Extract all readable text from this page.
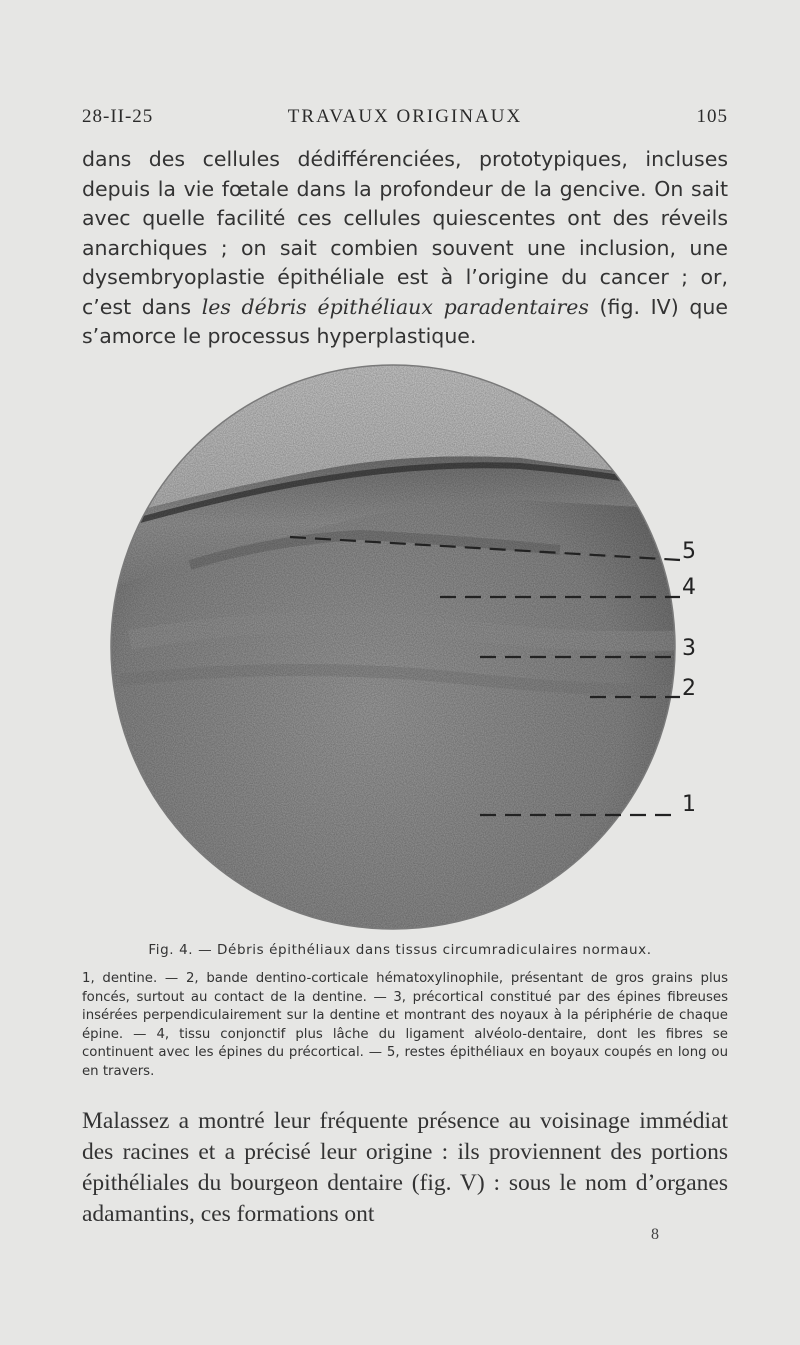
28-II-25	TRAVAUX ORIGINAUX	105
dans des cellules dédifférenciées, prototypiques, incluses depuis la vie fœtale dans la profondeur de la gencive. On sait avec quelle facilité ces cellules quiescentes ont des réveils anarchiques ; on sait combien souvent une inclusion, une dysembryoplastie épithéliale est à l’origine du cancer ; or, c’est dans les débris épithéliaux paradentaires (fig. IV) que s’amorce le processus hyperplastique.
5
4
3
2
1
Fig. 4. — Débris épithéliaux dans tissus circumradiculaires normaux.
1, dentine. — 2, bande dentino-corticale hématoxylinophile, présentant de gros grains plus foncés, surtout au contact de la dentine. — 3, précortical constitué par des épines fibreuses insérées perpendiculairement sur la dentine et montrant des noyaux à la périphérie de chaque épine. — 4, tissu conjonctif plus lâche du ligament alvéolo-dentaire, dont les fibres se continuent avec les épines du précortical. — 5, restes épithéliaux en boyaux coupés en long ou en travers.
Malassez a montré leur fréquente présence au voisinage immédiat des racines et a précisé leur origine : ils proviennent des portions épithéliales du bourgeon dentaire (fig. V) : sous le nom d’organes adamantins, ces formations ont
8
